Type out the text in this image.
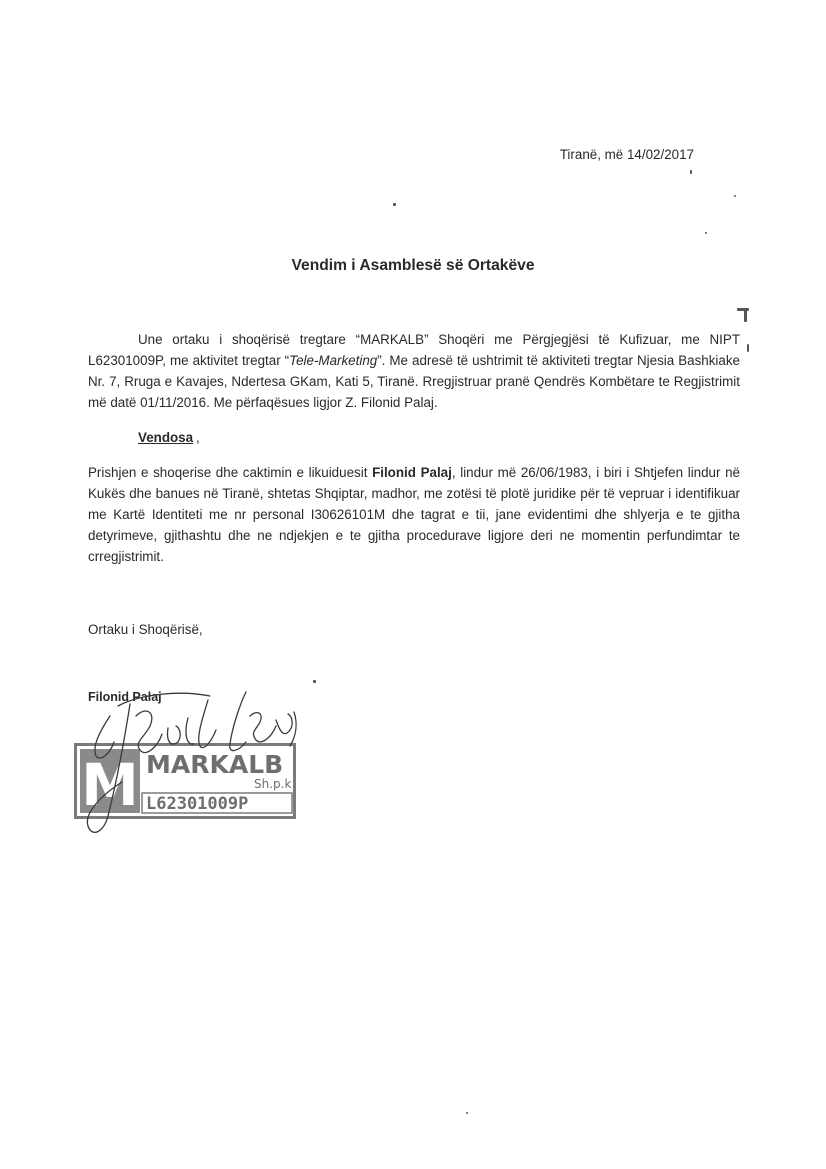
Tiranë, më 14/02/2017
Vendim i Asamblesë së Ortakëve
Une ortaku i shoqërisë tregtare “MARKALB” Shoqëri me Përgjegjësi të Kufizuar, me NIPT L62301009P, me aktivitet tregtar “Tele-Marketing”. Me adresë të ushtrimit të aktiviteti tregtar Njesia Bashkiake Nr. 7, Rruga e Kavajes, Ndertesa GKam, Kati 5, Tiranë. Rregjistruar pranë Qendrës Kombëtare te Regjistrimit më datë 01/11/2016. Me përfaqësues ligjor Z. Filonid Palaj.
Vendosa ,
Prishjen e shoqerise dhe caktimin e likuiduesit Filonid Palaj, lindur më 26/06/1983, i biri i Shtjefen lindur në Kukës dhe banues në Tiranë, shtetas Shqiptar, madhor, me zotësi të plotë juridike për të vepruar i identifikuar me Kartë Identiteti me nr personal I30626101M dhe tagrat e tii, jane evidentimi dhe shlyerja e te gjitha detyrimeve, gjithashtu dhe ne ndjekjen e te gjitha procedurave ligjore deri ne momentin perfundimtar te crregjistrimit.
Ortaku i Shoqërisë,
Filonid Palaj
M MARKALB
Sh.p.k
L62301009P
